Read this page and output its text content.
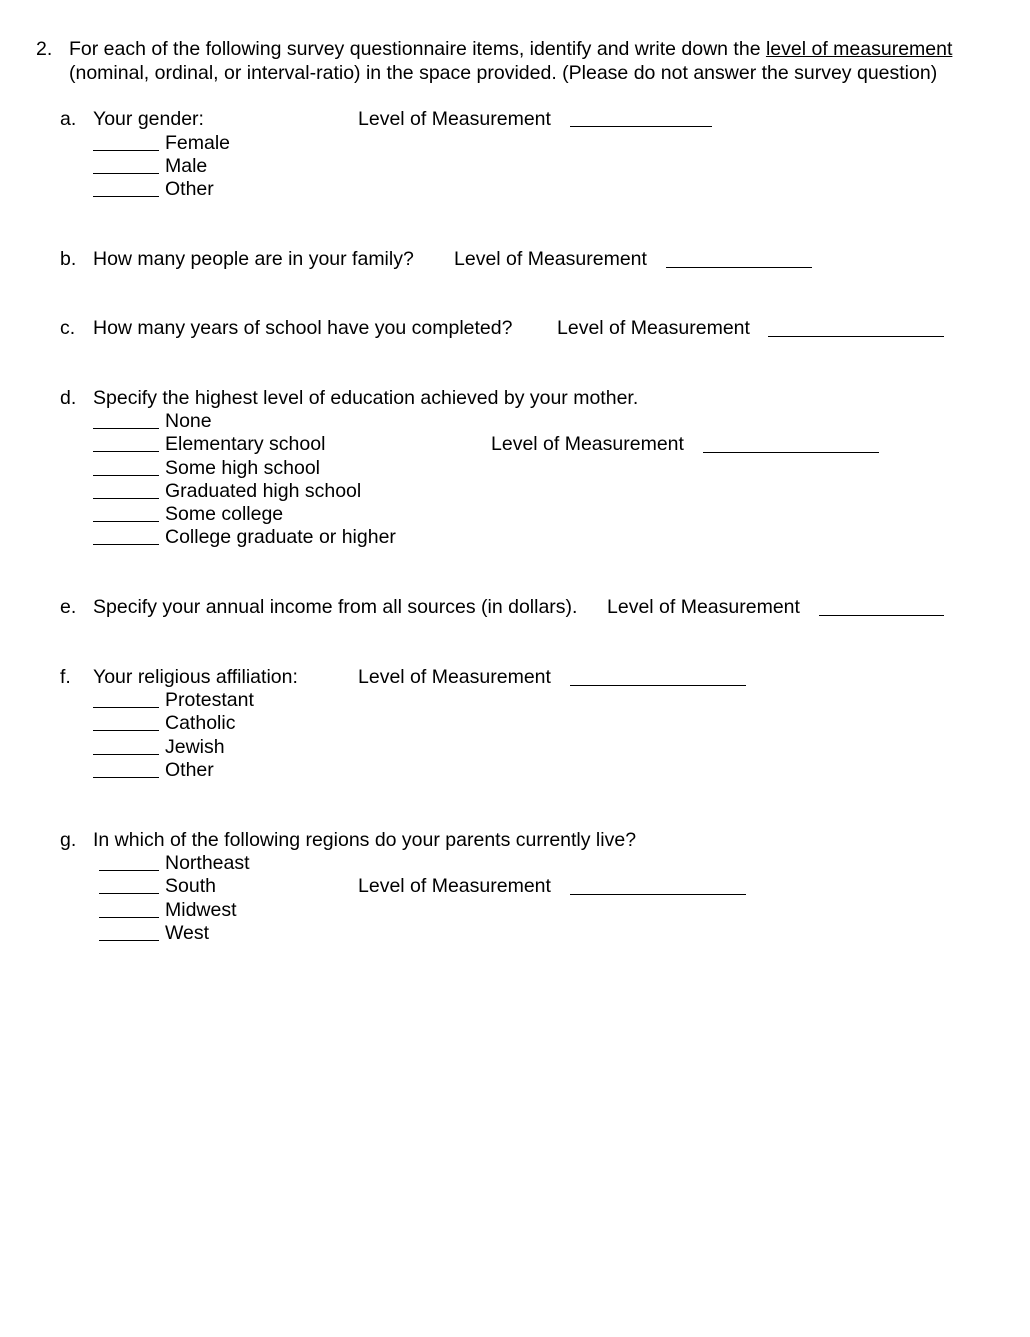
2. For each of the following survey questionnaire items, identify and write down the level of measurement
(nominal, ordinal, or interval-ratio) in the space provided. (Please do not answer the survey question)
a. Your gender:	Level of Measurement
Female
Male
Other
b. How many people are in your family? Level of Measurement
c. How many years of school have you completed? Level of Measurement
d. Specify the highest level of education achieved by your mother.
None
Elementary school	Level of Measurement
Some high school
Graduated high school
Some college
College graduate or higher
e. Specify your annual income from all sources (in dollars). Level of Measurement
f. Your religious affiliation:	Level of Measurement
Protestant
Catholic
Jewish
Other
g. In which of the following regions do your parents currently live?
Northeast
South	Level of Measurement
Midwest
West
